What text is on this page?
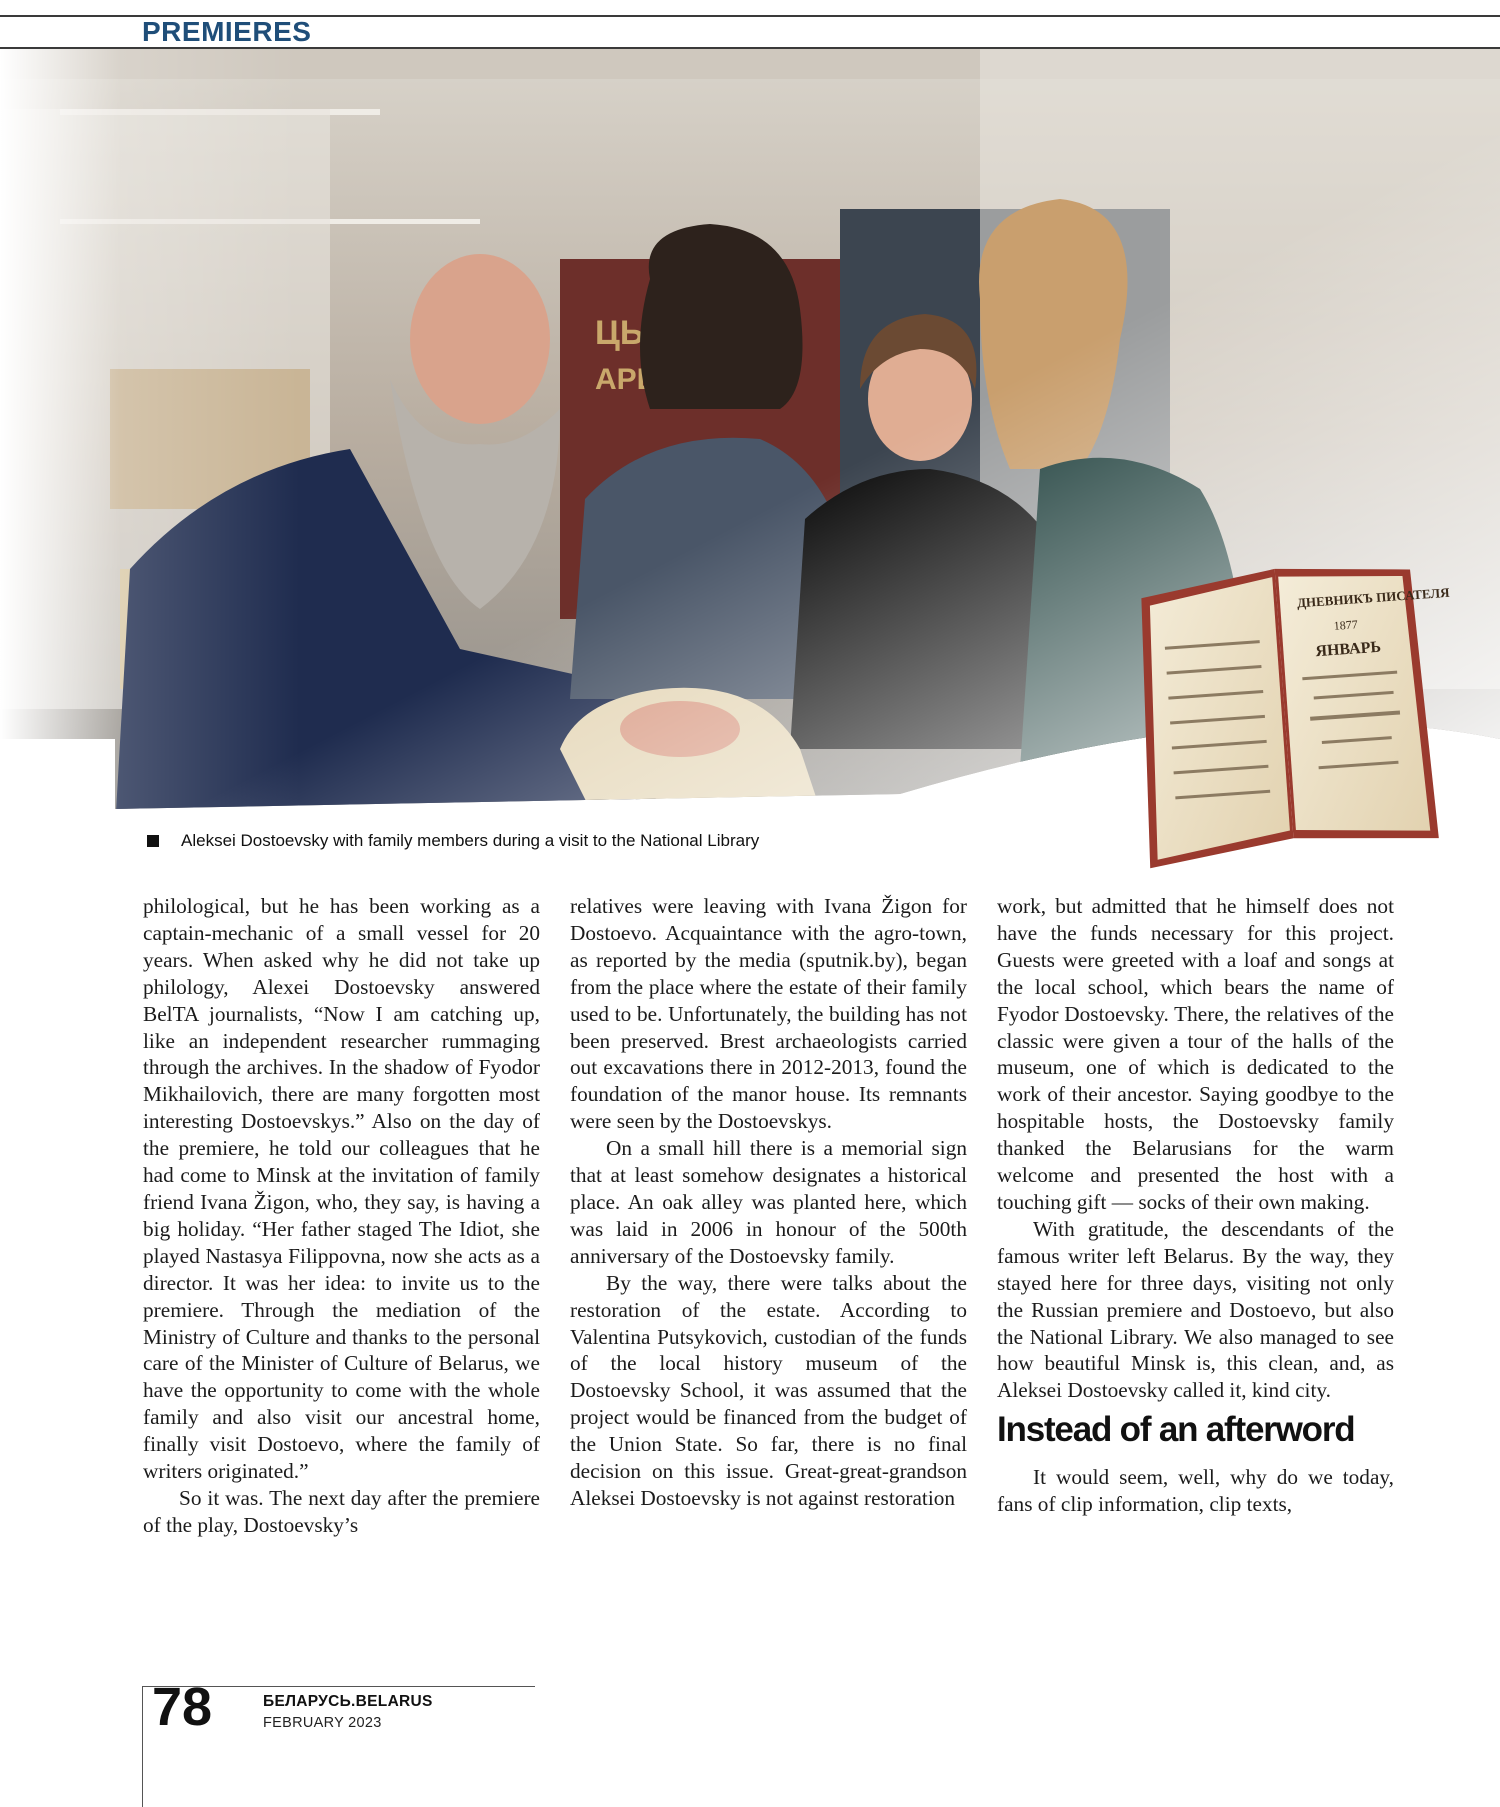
PREMIERES
ДНЕВНИКЪ ПИСАТЕЛЯ
1877
ЯНВАРЬ
Aleksei Dostoevsky with family members during a visit to the National Library

philological, but he has been working as a captain-mechanic of a small vessel for 20 years. When asked why he did not take up philology, Alexei Dostoevsky answered BelTA journalists, “Now I am catching up, like an independent researcher rummaging through the archives. In the shadow of Fyodor Mikhailovich, there are many forgotten most interesting Dostoevskys.” Also on the day of the premiere, he told our colleagues that he had come to Minsk at the invitation of family friend Ivana Žigon, who, they say, is having a big holiday. “Her father staged The Idiot, she played Nastasya Filippovna, now she acts as a director. It was her idea: to invite us to the premiere. Through the mediation of the Ministry of Culture and thanks to the personal care of the Minister of Culture of Belarus, we have the opportunity to come with the whole family and also visit our ancestral home, finally visit Dostoevo, where the family of writers originated.”

So it was. The next day after the premiere of the play, Dostoevsky’s

relatives were leaving with Ivana Žigon for Dostoevo. Acquaintance with the agro-town, as reported by the media (sputnik.by), began from the place where the estate of their family used to be. Unfortunately, the building has not been preserved. Brest archaeologists carried out excavations there in 2012-2013, found the foundation of the manor house. Its remnants were seen by the Dostoevskys.

On a small hill there is a memorial sign that at least somehow designates a historical place. An oak alley was planted here, which was laid in 2006 in honour of the 500th anniversary of the Dostoevsky family.

By the way, there were talks about the restoration of the estate. According to Valentina Putsykovich, custodian of the funds of the local history museum of the Dostoevsky School, it was assumed that the project would be financed from the budget of the Union State. So far, there is no final decision on this issue. Great-great-grandson Aleksei Dostoevsky is not against restoration

work, but admitted that he himself does not have the funds necessary for this project. Guests were greeted with a loaf and songs at the local school, which bears the name of Fyodor Dostoevsky. There, the relatives of the classic were given a tour of the halls of the museum, one of which is dedicated to the work of their ancestor. Saying goodbye to the hospitable hosts, the Dostoevsky family thanked the Belarusians for the warm welcome and presented the host with a touching gift — socks of their own making.

With gratitude, the descendants of the famous writer left Belarus. By the way, they stayed here for three days, visiting not only the Russian premiere and Dostoevo, but also the National Library. We also managed to see how beautiful Minsk is, this clean, and, as Aleksei Dostoevsky called it, kind city.

Instead of an afterword

It would seem, well, why do we today, fans of clip information, clip texts,

78	БЕЛАРУСЬ.BELARUS
FEBRUARY 2023
